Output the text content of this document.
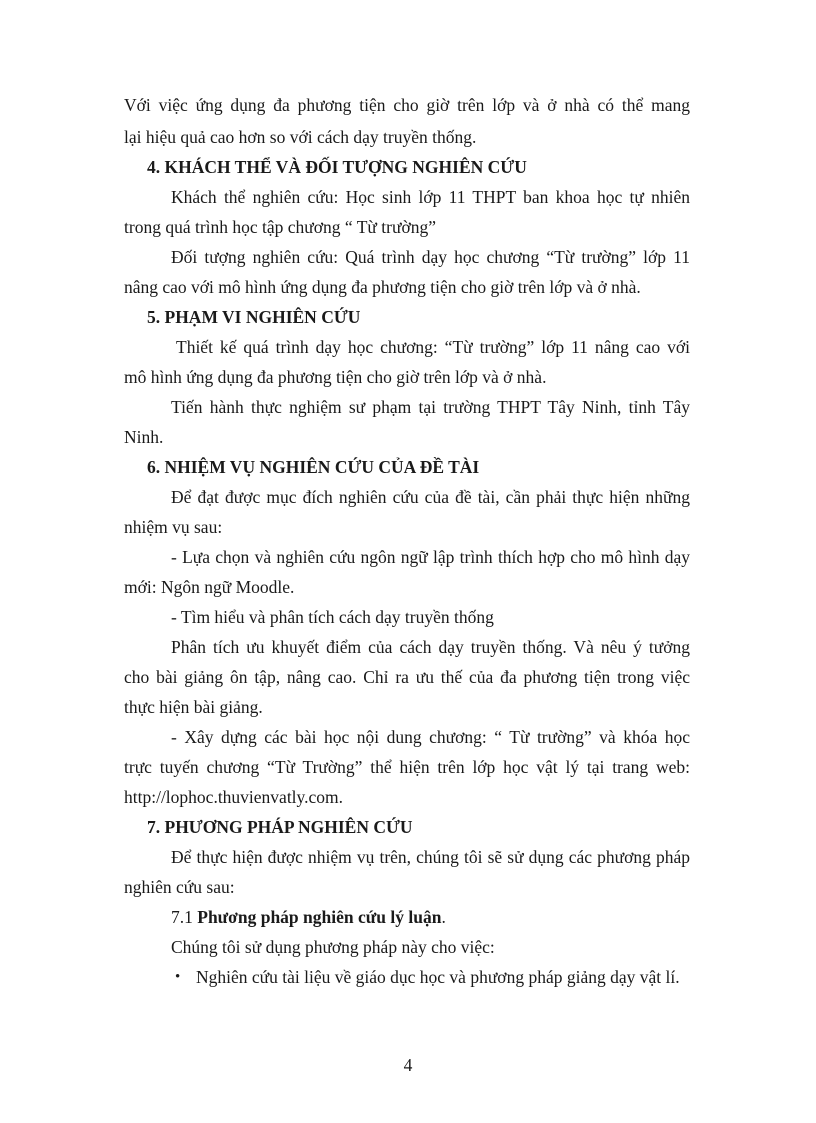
Với việc ứng dụng đa phương tiện cho giờ trên lớp và ở nhà có thể mang
lại hiệu quả cao hơn so với cách dạy truyền thống.
4. KHÁCH THỂ VÀ ĐỐI TƯỢNG NGHIÊN CỨU
Khách thể nghiên cứu: Học sinh lớp 11 THPT ban khoa học tự nhiên
trong quá trình học tập chương “ Từ trường”
Đối tượng nghiên cứu: Quá trình dạy học chương “Từ trường” lớp 11
nâng cao với mô hình ứng dụng đa phương tiện cho giờ trên lớp và ở nhà.
5. PHẠM VI NGHIÊN CỨU
Thiết kế quá trình dạy học chương: “Từ trường” lớp 11 nâng cao với
mô hình ứng dụng đa phương tiện cho giờ trên lớp và ở nhà.
Tiến hành thực nghiệm sư phạm tại trường THPT Tây Ninh, tỉnh Tây
Ninh.
6. NHIỆM VỤ NGHIÊN CỨU CỦA ĐỀ TÀI
Để đạt được mục đích nghiên cứu của đề tài, cần phải thực hiện những
nhiệm vụ sau:
- Lựa chọn và nghiên cứu ngôn ngữ lập trình thích hợp cho mô hình dạy
mới: Ngôn ngữ Moodle.
- Tìm hiểu và phân tích cách dạy truyền thống
Phân tích ưu khuyết điểm của cách dạy truyền thống. Và nêu ý tưởng
cho bài giảng ôn tập, nâng cao. Chỉ ra ưu thế của đa phương tiện trong việc
thực hiện bài giảng.
- Xây dựng các bài học nội dung chương: “ Từ trường” và khóa học
trực tuyến chương “Từ Trường” thể hiện trên lớp học vật lý tại trang web:
http://lophoc.thuvienvatly.com.
7. PHƯƠNG PHÁP NGHIÊN CỨU
Để thực hiện được nhiệm vụ trên, chúng tôi sẽ sử dụng các phương pháp
nghiên cứu sau:
7.1 Phương pháp nghiên cứu lý luận.
Chúng tôi sử dụng phương pháp này cho việc:
• Nghiên cứu tài liệu về giáo dục học và phương pháp giảng dạy vật lí.
4
